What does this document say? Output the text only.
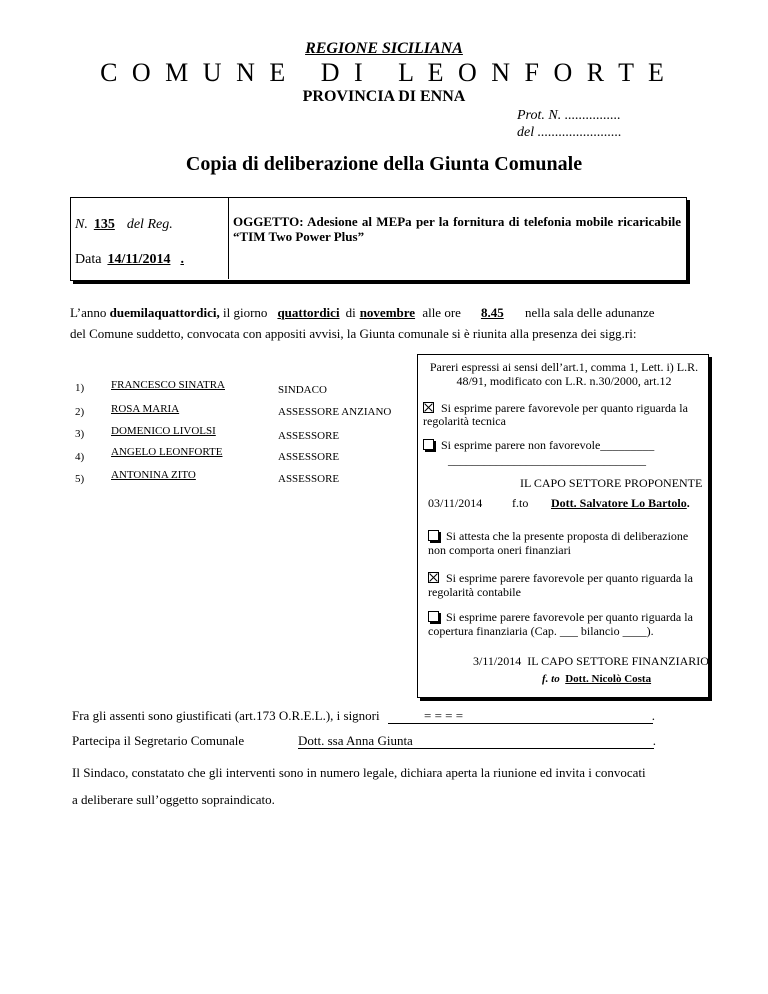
REGIONE SICILIANA
C O M U N E   D I   L E O N F O R T E
PROVINCIA DI ENNA
Prot. N. ................
del ........................
Copia di deliberazione della Giunta Comunale
N. 135 del Reg.
Data 14/11/2014 .
OGGETTO: Adesione al MEPa per la fornitura di telefonia mobile ricaricabile “TIM Two Power Plus”
L’anno duemilaquattordici, il giorno quattordici di novembre alle ore 8.45 nella sala delle adunanze
del Comune suddetto, convocata con appositi avvisi, la Giunta comunale si è riunita alla presenza dei sigg.ri:
1) FRANCESCO SINATRA	SINDACO
2) ROSA MARIA	ASSESSORE ANZIANO
3) DOMENICO LIVOLSI	ASSESSORE
4) ANGELO LEONFORTE	ASSESSORE
5) ANTONINA ZITO	ASSESSORE
Pareri espressi ai sensi dell’art.1, comma 1, Lett. i) L.R. 48/91, modificato con L.R. n.30/2000, art.12
Si esprime parere favorevole per quanto riguarda la regolarità tecnica
Si esprime parere non favorevole_________
_________________________________
IL CAPO SETTORE PROPONENTE
03/11/2014 f.to Dott. Salvatore Lo Bartolo.
Si attesta che la presente proposta di deliberazione non comporta oneri finanziari
Si esprime parere favorevole per quanto riguarda la regolarità contabile
Si esprime parere favorevole per quanto riguarda la copertura finanziaria (Cap. ___ bilancio ____).
3/11/2014 IL CAPO SETTORE FINANZIARIO
f. to Dott. Nicolò Costa
Fra gli assenti sono giustificati (art.173 O.R.E.L.), i signori	= = = =	.
Partecipa il Segretario Comunale	Dott. ssa Anna Giunta	.
Il Sindaco, constatato che gli interventi sono in numero legale, dichiara aperta la riunione ed invita i convocati
a deliberare sull’oggetto sopraindicato.
